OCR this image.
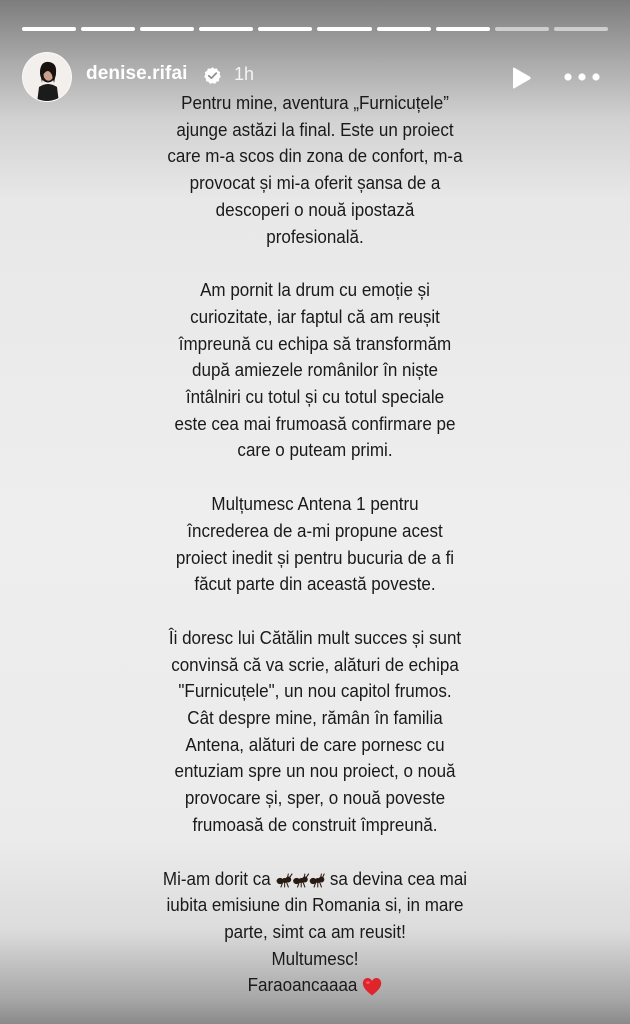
denise.rifai	1h

Pentru mine, aventura „Furnicuțele”
ajunge astăzi la final. Este un proiect
care m-a scos din zona de confort, m-a
provocat și mi-a oferit șansa de a
descoperi o nouă ipostază
profesională.

Am pornit la drum cu emoție și
curiozitate, iar faptul că am reușit
împreună cu echipa să transformăm
după amiezele românilor în niște
întâlniri cu totul și cu totul speciale
este cea mai frumoasă confirmare pe
care o puteam primi.

Mulțumesc Antena 1 pentru
încrederea de a-mi propune acest
proiect inedit și pentru bucuria de a fi
făcut parte din această poveste.

Îi doresc lui Cătălin mult succes și sunt
convinsă că va scrie, alături de echipa
"Furnicuțele", un nou capitol frumos.
Cât despre mine, rămân în familia
Antena, alături de care pornesc cu
entuziam spre un nou proiect, o nouă
provocare și, sper, o nouă poveste
frumoasă de construit împreună.

Mi-am dorit ca	sa devina cea mai
iubita emisiune din Romania si, in mare
parte, simt ca am reusit!
Multumesc!
Faraoancaaaa
